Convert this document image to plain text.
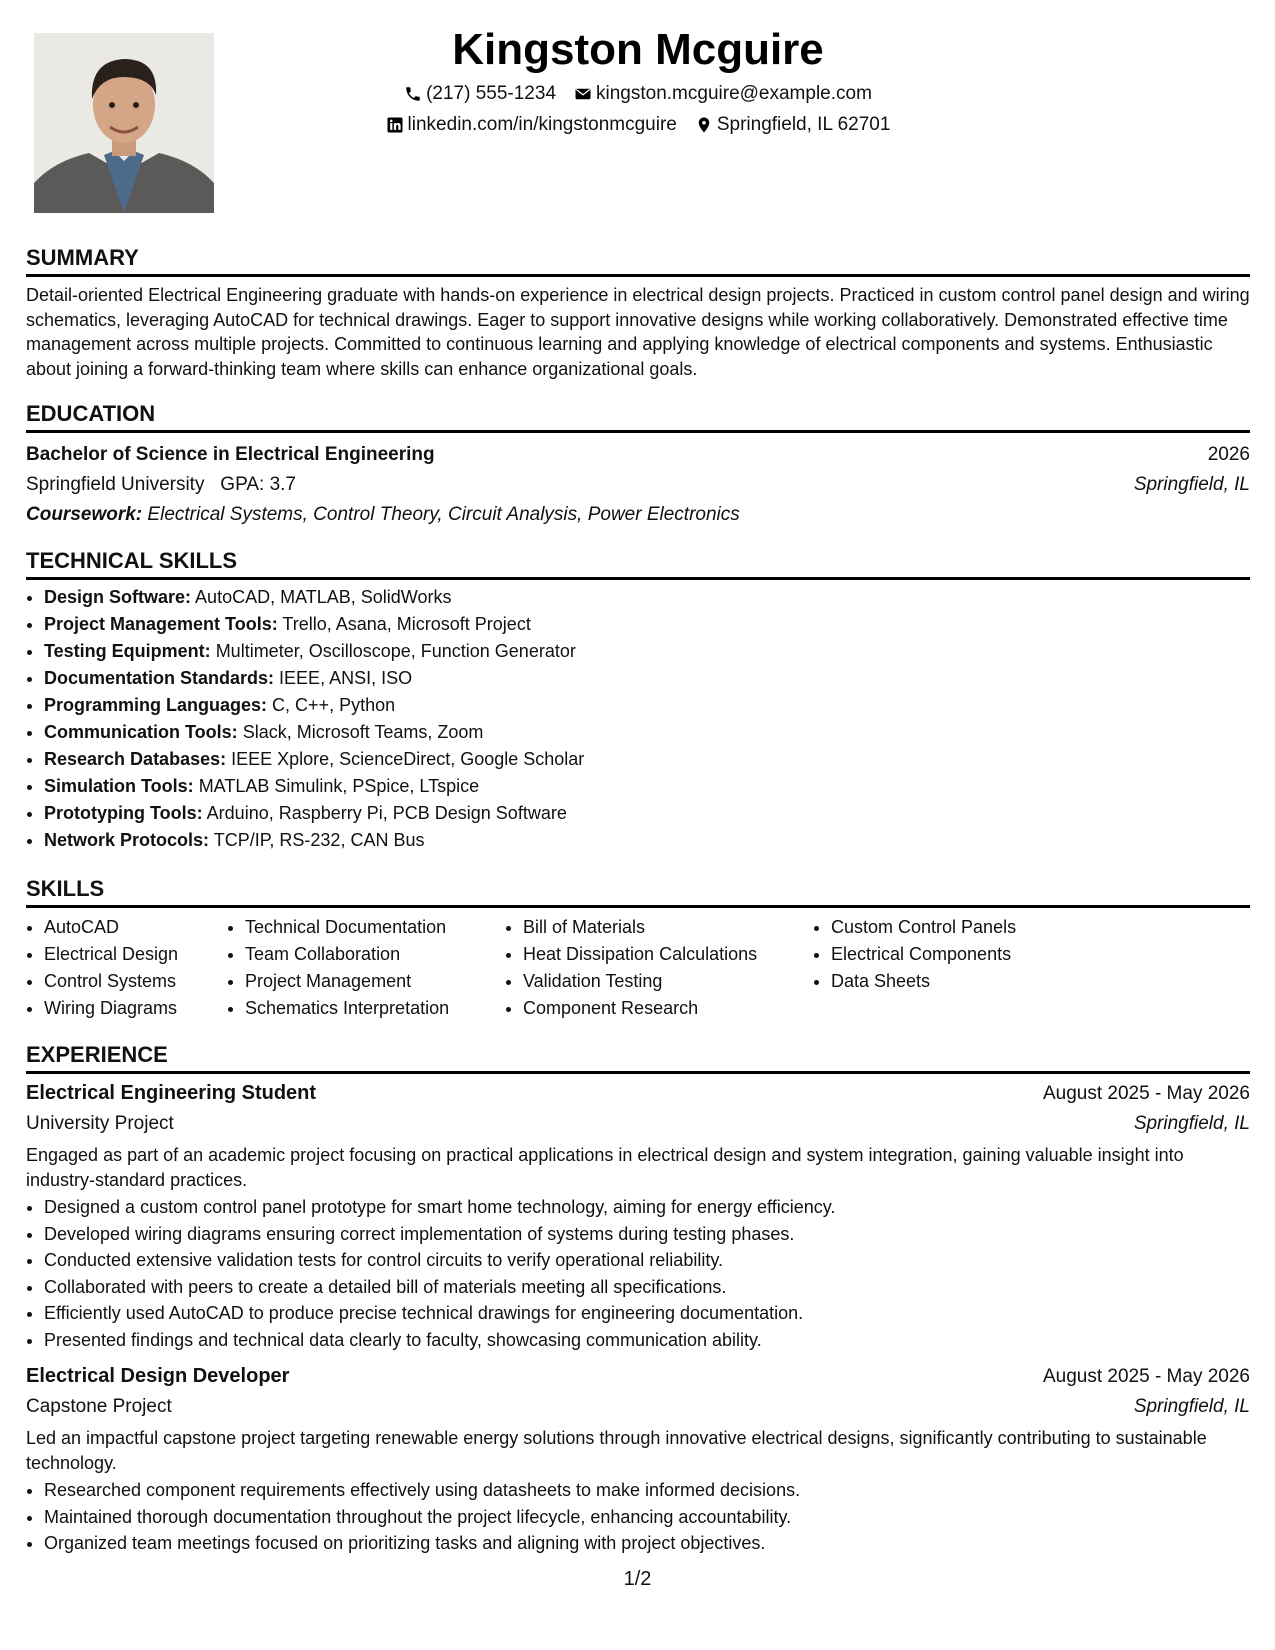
Kingston Mcguire
(217) 555-1234 kingston.mcguire@example.com
linkedin.com/in/kingstonmcguire Springfield, IL 62701
SUMMARY

Detail-oriented Electrical Engineering graduate with hands-on experience in electrical design projects. Practiced in custom control panel design and wiring schematics, leveraging AutoCAD for technical drawings. Eager to support innovative designs while working collaboratively. Demonstrated effective time management across multiple projects. Committed to continuous learning and applying knowledge of electrical components and systems. Enthusiastic about joining a forward-thinking team where skills can enhance organizational goals.

EDUCATION
Bachelor of Science in Electrical Engineering	2026
Springfield University   GPA: 3.7	Springfield, IL
Coursework: Electrical Systems, Control Theory, Circuit Analysis, Power Electronics
TECHNICAL SKILLS
• Design Software: AutoCAD, MATLAB, SolidWorks
• Project Management Tools: Trello, Asana, Microsoft Project
• Testing Equipment: Multimeter, Oscilloscope, Function Generator
• Documentation Standards: IEEE, ANSI, ISO
• Programming Languages: C, C++, Python
• Communication Tools: Slack, Microsoft Teams, Zoom
• Research Databases: IEEE Xplore, ScienceDirect, Google Scholar
• Simulation Tools: MATLAB Simulink, PSpice, LTspice
• Prototyping Tools: Arduino, Raspberry Pi, PCB Design Software
• Network Protocols: TCP/IP, RS-232, CAN Bus
SKILLS
• AutoCAD
• Electrical Design
• Control Systems
• Wiring Diagrams
• Technical Documentation
• Team Collaboration
• Project Management
• Schematics Interpretation
• Bill of Materials
• Heat Dissipation Calculations
• Validation Testing
• Component Research
• Custom Control Panels
• Electrical Components
• Data Sheets
EXPERIENCE
Electrical Engineering Student	August 2025 - May 2026
University Project	Springfield, IL

Engaged as part of an academic project focusing on practical applications in electrical design and system integration, gaining valuable insight into industry-standard practices.

• Designed a custom control panel prototype for smart home technology, aiming for energy efficiency.
• Developed wiring diagrams ensuring correct implementation of systems during testing phases.
• Conducted extensive validation tests for control circuits to verify operational reliability.
• Collaborated with peers to create a detailed bill of materials meeting all specifications.
• Efficiently used AutoCAD to produce precise technical drawings for engineering documentation.
• Presented findings and technical data clearly to faculty, showcasing communication ability.
Electrical Design Developer	August 2025 - May 2026
Capstone Project	Springfield, IL

Led an impactful capstone project targeting renewable energy solutions through innovative electrical designs, significantly contributing to sustainable technology.

• Researched component requirements effectively using datasheets to make informed decisions.
• Maintained thorough documentation throughout the project lifecycle, enhancing accountability.
• Organized team meetings focused on prioritizing tasks and aligning with project objectives.
1/2
